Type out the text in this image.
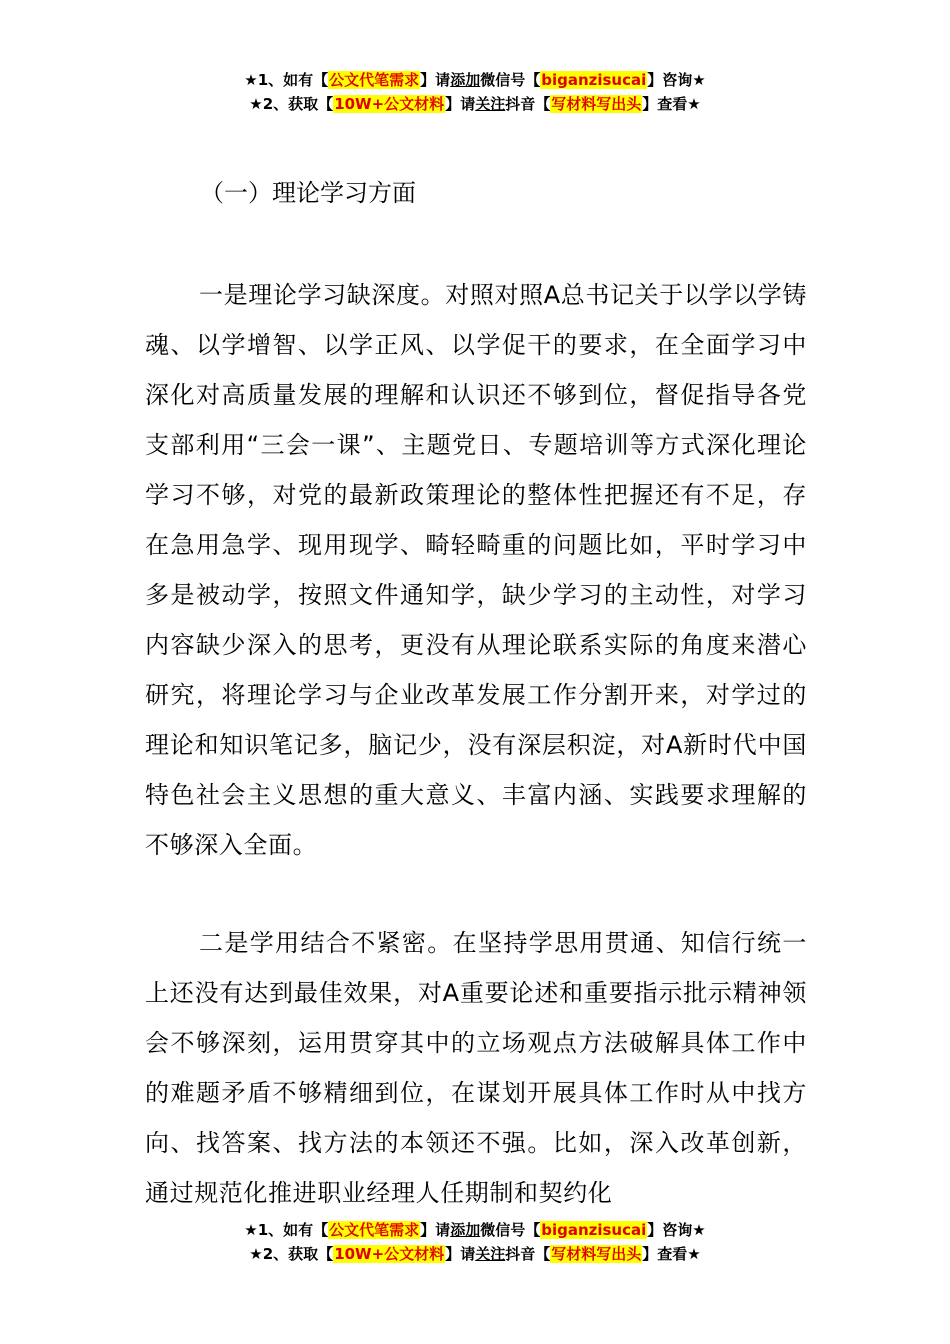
★1、如有【公文代笔需求】请添加微信号【biganzisucai】咨询★
★2、获取【10W+公文材料】请关注抖音【写材料写出头】查看★
（一）理论学习方面
一是理论学习缺深度。对照对照A总书记关于以学以学铸魂、以学增智、以学正风、以学促干的要求，在全面学习中深化对高质量发展的理解和认识还不够到位，督促指导各党支部利用“三会一课”、主题党日、专题培训等方式深化理论学习不够，对党的最新政策理论的整体性把握还有不足，存在急用急学、现用现学、畸轻畸重的问题比如，平时学习中多是被动学，按照文件通知学，缺少学习的主动性，对学习内容缺少深入的思考，更没有从理论联系实际的角度来潜心研究，将理论学习与企业改革发展工作分割开来，对学过的理论和知识笔记多，脑记少，没有深层积淀，对A新时代中国特色社会主义思想的重大意义、丰富内涵、实践要求理解的不够深入全面。
二是学用结合不紧密。在坚持学思用贯通、知信行统一上还没有达到最佳效果，对A重要论述和重要指示批示精神领会不够深刻，运用贯穿其中的立场观点方法破解具体工作中的难题矛盾不够精细到位，在谋划开展具体工作时从中找方向、找答案、找方法的本领还不强。比如，深入改革创新，通过规范化推进职业经理人任期制和契约化
★1、如有【公文代笔需求】请添加微信号【biganzisucai】咨询★
★2、获取【10W+公文材料】请关注抖音【写材料写出头】查看★
